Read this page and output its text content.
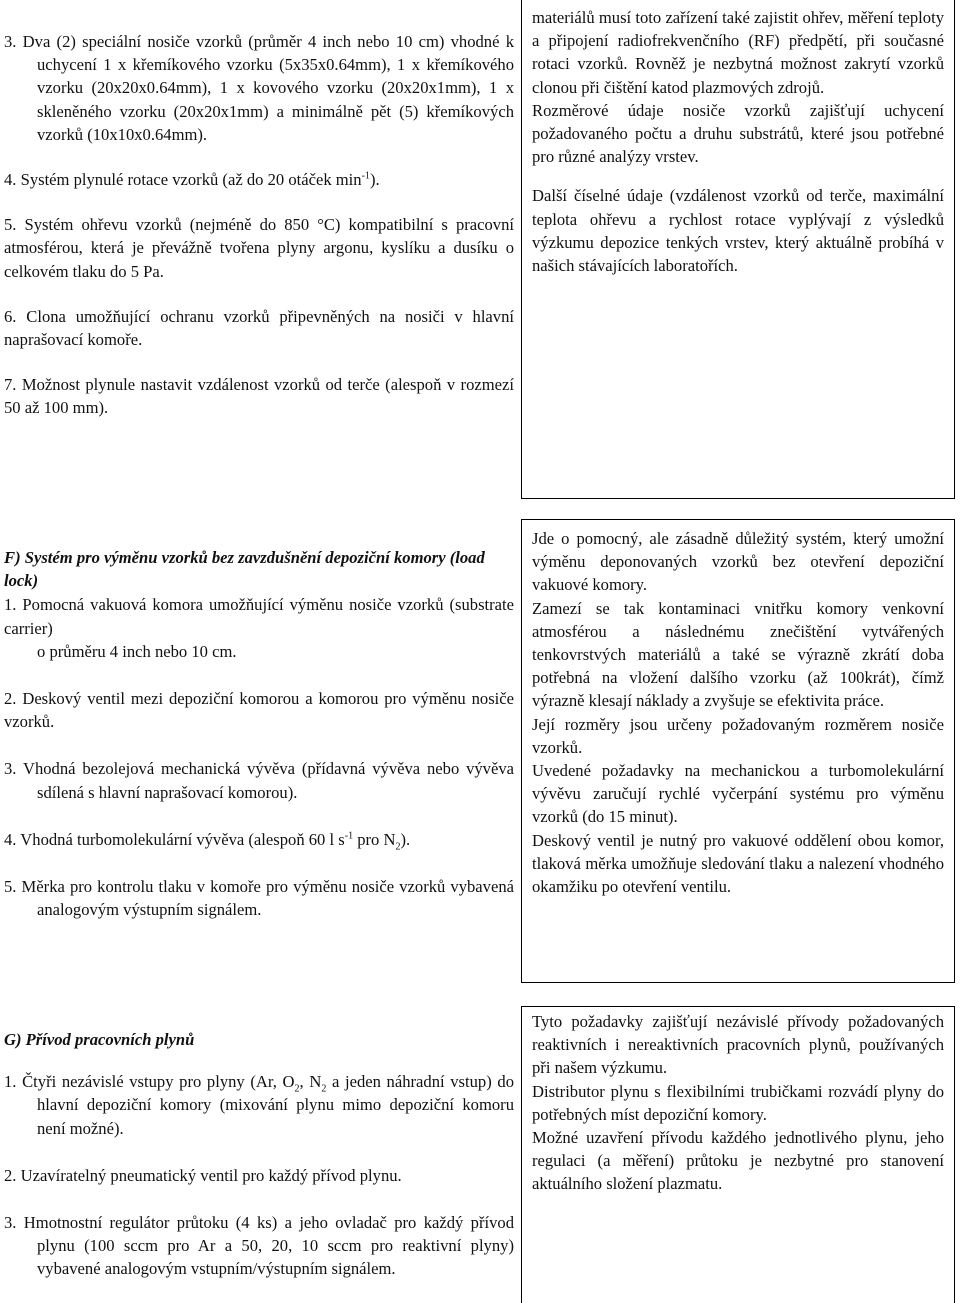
3. Dva (2) speciální nosiče vzorků (průměr 4 inch nebo 10 cm) vhodné k uchycení 1 x křemíkového vzorku (5x35x0.64mm), 1 x křemíkového vzorku (20x20x0.64mm), 1 x kovového vzorku (20x20x1mm), 1 x skleněného vzorku (20x20x1mm) a minimálně pět (5) křemíkových vzorků (10x10x0.64mm).

4. Systém plynulé rotace vzorků (až do 20 otáček $\min^{-1}$).

5. Systém ohřevu vzorků (nejméně do 850 °C) kompatibilní s pracovní atmosférou, která je převážně tvořena plyny argonu, kyslíku a dusíku o celkovém tlaku do 5 Pa.

6. Clona umožňující ochranu vzorků připevněných na nosiči v hlavní naprašovací komoře.

7. Možnost plynule nastavit vzdálenost vzorků od terče (alespoň v rozmezí 50 až 100 mm).

materiálů musí toto zařízení také zajistit ohřev, měření teploty a připojení radiofrekvenčního (RF) předpětí, při současné rotaci vzorků. Rovněž je nezbytná možnost zakrytí vzorků clonou při čištění katod plazmových zdrojů.

Rozměrové údaje nosiče vzorků zajišťují uchycení požadovaného počtu a druhu substrátů, které jsou potřebné pro různé analýzy vrstev.

Další číselné údaje (vzdálenost vzorků od terče, maximální teplota ohřevu a rychlost rotace vyplývají z výsledků výzkumu depozice tenkých vrstev, který aktuálně probíhá v našich stávajících laboratořích.

F) Systém pro výměnu vzorků bez zavzdušnění depoziční komory (load lock)

1. Pomocná vakuová komora umožňující výměnu nosiče vzorků (substrate carrier)
o průměru 4 inch nebo 10 cm.

2. Deskový ventil mezi depoziční komorou a komorou pro výměnu nosiče vzorků.

3. Vhodná bezolejová mechanická vývěva (přídavná vývěva nebo vývěva sdílená s hlavní naprašovací komorou).

4. Vhodná turbomolekulární vývěva (alespoň 60 l $s^{-1}$ pro $N_2$).

5. Měrka pro kontrolu tlaku v komoře pro výměnu nosiče vzorků vybavená analogovým výstupním signálem.

Jde o pomocný, ale zásadně důležitý systém, který umožní výměnu deponovaných vzorků bez otevření depoziční vakuové komory.

Zamezí se tak kontaminaci vnitřku komory venkovní atmosférou a následnému znečištění vytvářených tenkovrstvých materiálů a také se výrazně zkrátí doba potřebná na vložení dalšího vzorku (až 100krát), čímž výrazně klesají náklady a zvyšuje se efektivita práce.

Její rozměry jsou určeny požadovaným rozměrem nosiče vzorků.

Uvedené požadavky na mechanickou a turbomolekulární vývěvu zaručují rychlé vyčerpání systému pro výměnu vzorků (do 15 minut).

Deskový ventil je nutný pro vakuové oddělení obou komor, tlaková měrka umožňuje sledování tlaku a nalezení vhodného okamžiku po otevření ventilu.

G) Přívod pracovních plynů

1. Čtyři nezávislé vstupy pro plyny (Ar, $O_2$, $N_2$ a jeden náhradní vstup) do hlavní depoziční komory (mixování plynu mimo depoziční komoru není možné).

2. Uzavíratelný pneumatický ventil pro každý přívod plynu.

3. Hmotnostní regulátor průtoku (4 ks) a jeho ovladač pro každý přívod plynu (100 sccm pro Ar a 50, 20, 10 sccm pro reaktivní plyny) vybavené analogovým vstupním/výstupním signálem.

Tyto požadavky zajišťují nezávislé přívody požadovaných reaktivních i nereaktivních pracovních plynů, používaných při našem výzkumu.

Distributor plynu s flexibilními trubičkami rozvádí plyny do potřebných míst depoziční komory.

Možné uzavření přívodu každého jednotlivého plynu, jeho regulaci (a měření) průtoku je nezbytné pro stanovení aktuálního složení plazmatu.
